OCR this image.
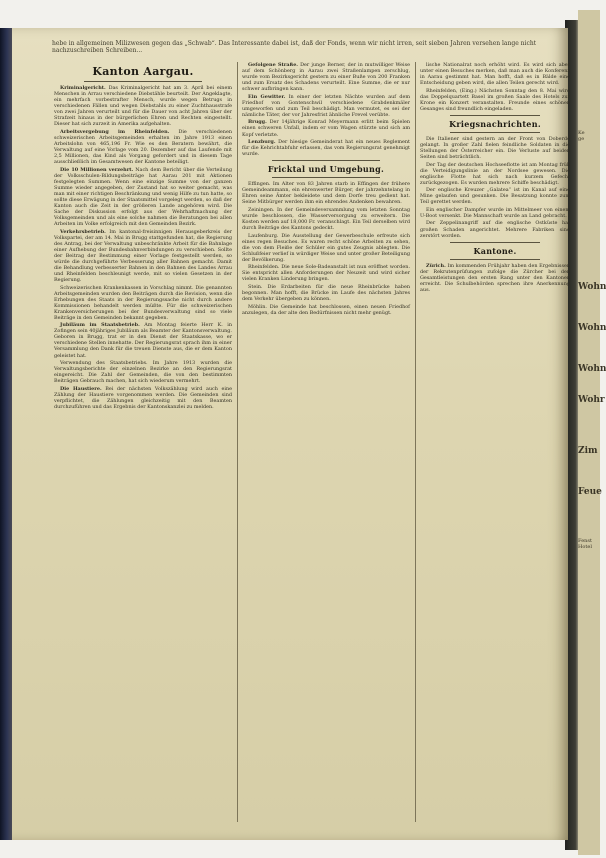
Ke
ge
Wohn
Wohn
Wohn
Wohr
Zim
Feue
Fenst
Hotel
hebe in allgemeinen Milizwesen gegen das „Schwab“. Das Interessante dabei ist, daß der Fonds, wenn wir nicht irren, seit sieben Jahren versehen lange nicht nachzuschreiben Schreiben...
Kanton Aargau.

Kriminalgericht. Das Kriminalgericht hat am 3. April bei einem Menschen in Arrau verschiedene Diebstähle beurteilt. Der Angeklagte, ein mehrfach vorbestrafter Mensch, wurde wegen Betrugs in verschiedenen Fällen und wegen Diebstahls zu einer Zuchthausstrafe von zwei Jahren verurteilt und für die Dauer von acht Jahren über der Strafzeit hinaus in der bürgerlichen Ehren und Rechten eingestellt. Dieser hat sich zurzeit in Amerika aufgehalten.

Arbeitsvergebung im Rheinfelden. Die verschiedenen schweizerischen Arbeitsgemeinden erhalten im Jahre 1913 einen Arbeitslohn von 465,196 Fr. Wie es den Beratern bewährt, die Verwaltung auf eine Vorlage vom 20. Dezember auf das Laufende mit 2,5 Millionen, das Kind als Vorgang gefordert und in diesem Tage ausschließlich im Gesamtwesen der Kantone beteiligt.

Die 10 Millionen verzehrt. Nach dem Bericht über die Verteilung der Volksschulen-Bildungsbeiträge hat Aarau 201 mit Aktionen festgelegten Summen. Wenn eine einzige Summe von der ganzen Summe wieder angegeben, der Zustand hat so weiter gemacht, was man mit einer richtigen Beschränkung und wenig Hilfe zu tun hatte, so sollte diese Erwägung in der Staatsmittel vorgelegt werden, so daß der Kanton auch die Zeit in der größeren Lande angehören wird. Die Sache der Diskussion erfolgt aus der Wehrhaftmachung der Volksgemeinden und als eine solche nahmen die Beratungen bei allen Arbeiten im Volke erfolgreich mit den Gemeinden Bezirk.

Verkehrsbetrieb. Im kantonal-freisinnigen Herausgeberkreis der Volkspartei, der am 14. Mai in Brugg stattgefunden hat, die Regierung des Antrag, bei der Verwaltung unbeschränkte Arbeit für die Bahnlage einer Aufhebung der Bundesbahnverbindungen zu verschieben. Sollte der Beitrag der Bestimmung einer Vorlage festgestellt werden, so würde die durchgeführte Verbesserung aller Bahnen gemacht. Damit die Behandlung verbesserter Bahnen in den Bahnen des Landes Arrau und Rheinfelden beschleunigt werde, mit so vielen Gesetzen in der Regierung.

Schweizerischen Krankenkassen in Vorschlag nimmt. Die genannten Arbeitsgemeinden wurden den Beiträgen durch die Revision, wenn die Erhebungen des Staats in der Regierungssache nicht durch andere Kommissionen behandelt werden müßte. Für die schweizerischen Krankenversicherungen bei der Bundesverwaltung sind so viele Beiträge in den Gemeinden bekannt gegeben.

Jubiläum im Staatsbetrieb. Am Montag feierte Herr K. in Zofingen sein 40jähriges Jubiläum als Beamter der Kantonsverwaltung. Geboren in Brugg, trat er in den Dienst der Staatskasse, wo er verschiedene Stellen innehatte. Der Regierungsrat sprach ihm in einer Versammlung den Dank für die treuen Dienste aus, die er dem Kanton geleistet hat.

Verwendung des Staatsbetriebs. Im Jahre 1913 wurden die Verwaltungsberichte der einzelnen Bezirke an den Regierungsrat eingereicht. Die Zahl der Gemeinden, die von den bestimmten Beiträgen Gebrauch machen, hat sich wiederum vermehrt.

Die Haustiere. Bei der nächsten Volkszählung wird auch eine Zählung der Haustiere vorgenommen werden. Die Gemeinden sind verpflichtet, die Zählungen gleichzeitig mit den Beamten durchzuführen und das Ergebnis der Kantonskanzlei zu melden.

Gefolgene Straße. Der junge Berner, der in mutwilliger Weise auf dem Schönberg in Aarau zwei Straßenlampen zerschlug, wurde vom Bezirksgericht gestern zu einer Buße von 200 Franken und zum Ersatz des Schadens verurteilt. Eine Summe, die er nur schwer aufbringen kann.

Ein Gewitter. In einer der letzten Nächte wurden auf dem Friedhof von Gontenschwil verschiedene Grabdenkmäler umgeworfen und zum Teil beschädigt. Man vermutet, es sei der nämliche Täter, der vor Jahresfrist ähnliche Frevel verübte.

Brugg. Der 14jährige Konrad Meyermann erlitt beim Spielen einen schweren Unfall, indem er vom Wagen stürzte und sich am Kopf verletzte.

Lenzburg. Der hiesige Gemeinderat hat ein neues Reglement für die Kehrichtabfuhr erlassen, das vom Regierungsrat genehmigt wurde.

Fricktal und Umgebung.

Effingen. Im Alter von 83 Jahren starb in Effingen der frühere Gemeindeammann, ein ehrenwerter Bürger, der jahrzehntelang in Ehren seine Ämter bekleidete und dem Dorfe treu gedient hat. Seine Mitbürger werden ihm ein ehrendes Andenken bewahren.

Zeiningen. In der Gemeindeversammlung vom letzten Sonntag wurde beschlossen, die Wasserversorgung zu erweitern. Die Kosten werden auf 18,000 Fr. veranschlagt. Ein Teil derselben wird durch Beiträge des Kantons gedeckt.

Laufenburg. Die Ausstellung der Gewerbeschule erfreute sich eines regen Besuches. Es waren recht schöne Arbeiten zu sehen, die von dem Fleiße der Schüler ein gutes Zeugnis ablegten. Die Schlußfeier verlief in würdiger Weise und unter großer Beteiligung der Bevölkerung.

Rheinfelden. Die neue Sole-Badeanstalt ist nun eröffnet worden. Sie entspricht allen Anforderungen der Neuzeit und wird sicher vielen Kranken Linderung bringen.

Stein. Die Erdarbeiten für die neue Rheinbrücke haben begonnen. Man hofft, die Brücke im Laufe des nächsten Jahres dem Verkehr übergeben zu können.

Möhlin. Die Gemeinde hat beschlossen, einen neuen Friedhof anzulegen, da der alte den Bedürfnissen nicht mehr genügt.

lische Nationalrat noch erhöht wird. Es wird sich aber unter einen Besuches merken, daß man auch die Konferenz in Aarau gestimmt hat. Man hofft, daß es in Bälde eine Entscheidung geben wird, die allen Teilen gerecht wird.

Rheinfelden, (Eing.) Nächsten Sonntag den 8. Mai wird das Doppelquartett Basel im großen Saale des Hotels zur Krone ein Konzert veranstalten. Freunde eines schönen Gesanges sind freundlich eingeladen.

Kriegsnachrichten.

Die Italiener sind gestern an der Front von Doberdo gelangt. In großer Zahl fielen feindliche Soldaten in die Stellungen der Österreicher ein. Die Verluste auf beiden Seiten sind beträchtlich.

Der Tag der deutschen Hochseeflotte ist am Montag früh die Verteidigungslinie an der Nordsee gewesen. Die englische Flotte hat sich nach kurzem Gefecht zurückgezogen. Es wurden mehrere Schiffe beschädigt.

Der englische Kreuzer „Galatea“ ist im Kanal auf eine Mine gelaufen und gesunken. Die Besatzung konnte zum Teil gerettet werden.

Ein englischer Dampfer wurde im Mittelmeer von einem U-Boot versenkt. Die Mannschaft wurde an Land gebracht.

Der Zeppelinangriff auf die englische Ostküste hat großen Schaden angerichtet. Mehrere Fabriken sind zerstört worden.

Kantone.

Zürich. Im kommenden Frühjahr haben den Ergebnissen der Rekrutenprüfungen zufolge die Zürcher bei den Gesamtleistungen den ersten Rang unter den Kantonen erreicht. Die Schulbehörden sprechen ihre Anerkennung aus.
